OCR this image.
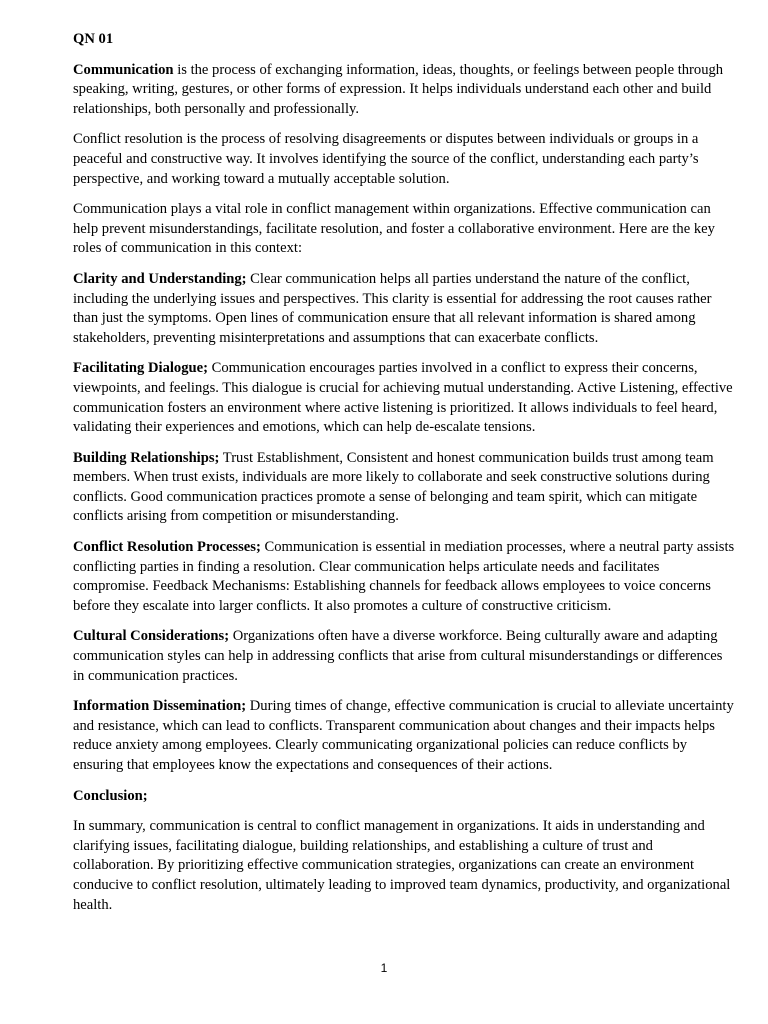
QN 01

Communication is the process of exchanging information, ideas, thoughts, or feelings between people through speaking, writing, gestures, or other forms of expression. It helps individuals understand each other and build relationships, both personally and professionally.

Conflict resolution is the process of resolving disagreements or disputes between individuals or groups in a peaceful and constructive way. It involves identifying the source of the conflict, understanding each party’s perspective, and working toward a mutually acceptable solution.

Communication plays a vital role in conflict management within organizations. Effective communication can help prevent misunderstandings, facilitate resolution, and foster a collaborative environment. Here are the key roles of communication in this context:

Clarity and Understanding; Clear communication helps all parties understand the nature of the conflict, including the underlying issues and perspectives. This clarity is essential for addressing the root causes rather than just the symptoms. Open lines of communication ensure that all relevant information is shared among stakeholders, preventing misinterpretations and assumptions that can exacerbate conflicts.

Facilitating Dialogue; Communication encourages parties involved in a conflict to express their concerns, viewpoints, and feelings. This dialogue is crucial for achieving mutual understanding. Active Listening, effective communication fosters an environment where active listening is prioritized. It allows individuals to feel heard, validating their experiences and emotions, which can help de-escalate tensions.

Building Relationships; Trust Establishment, Consistent and honest communication builds trust among team members. When trust exists, individuals are more likely to collaborate and seek constructive solutions during conflicts. Good communication practices promote a sense of belonging and team spirit, which can mitigate conflicts arising from competition or misunderstanding.

Conflict Resolution Processes; Communication is essential in mediation processes, where a neutral party assists conflicting parties in finding a resolution. Clear communication helps articulate needs and facilitates compromise. Feedback Mechanisms: Establishing channels for feedback allows employees to voice concerns before they escalate into larger conflicts. It also promotes a culture of constructive criticism.

Cultural Considerations; Organizations often have a diverse workforce. Being culturally aware and adapting communication styles can help in addressing conflicts that arise from cultural misunderstandings or differences in communication practices.

Information Dissemination; During times of change, effective communication is crucial to alleviate uncertainty and resistance, which can lead to conflicts. Transparent communication about changes and their impacts helps reduce anxiety among employees. Clearly communicating organizational policies can reduce conflicts by ensuring that employees know the expectations and consequences of their actions.

Conclusion;

In summary, communication is central to conflict management in organizations. It aids in understanding and clarifying issues, facilitating dialogue, building relationships, and establishing a culture of trust and collaboration. By prioritizing effective communication strategies, organizations can create an environment conducive to conflict resolution, ultimately leading to improved team dynamics, productivity, and organizational health.

1
